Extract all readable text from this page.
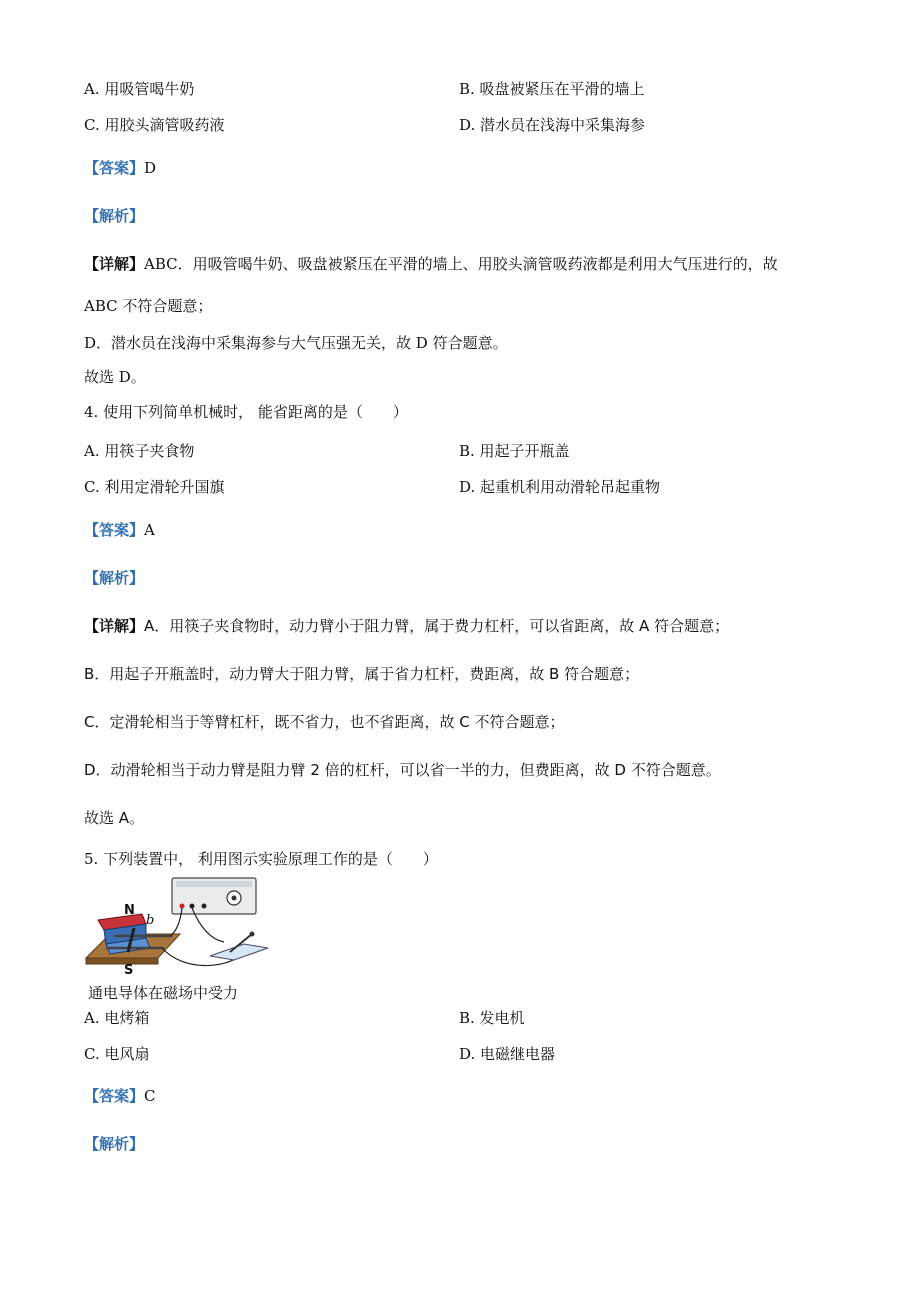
A. 用吸管喝牛奶	B. 吸盘被紧压在平滑的墙上
C. 用胶头滴管吸药液	D. 潜水员在浅海中采集海参
【答案】D
【解析】
【详解】ABC．用吸管喝牛奶、吸盘被紧压在平滑的墙上、用胶头滴管吸药液都是利用大气压进行的，故
ABC 不符合题意；
D．潜水员在浅海中采集海参与大气压强无关，故 D 符合题意。
故选 D。
4. 使用下列简单机械时， 能省距离的是（　　）
A. 用筷子夹食物	B. 用起子开瓶盖
C. 利用定滑轮升国旗	D. 起重机利用动滑轮吊起重物
【答案】A
【解析】
【详解】A．用筷子夹食物时，动力臂小于阻力臂，属于费力杠杆，可以省距离，故 A 符合题意；
B．用起子开瓶盖时，动力臂大于阻力臂，属于省力杠杆，费距离，故 B 符合题意；
C．定滑轮相当于等臂杠杆，既不省力，也不省距离，故 C 不符合题意；
D．动滑轮相当于动力臂是阻力臂 2 倍的杠杆，可以省一半的力，但费距离，故 D 不符合题意。
故选 A。
5. 下列装置中， 利用图示实验原理工作的是（　　）
N
b
S
通电导体在磁场中受力
A. 电烤箱	B. 发电机
C. 电风扇	D. 电磁继电器
【答案】C
【解析】
